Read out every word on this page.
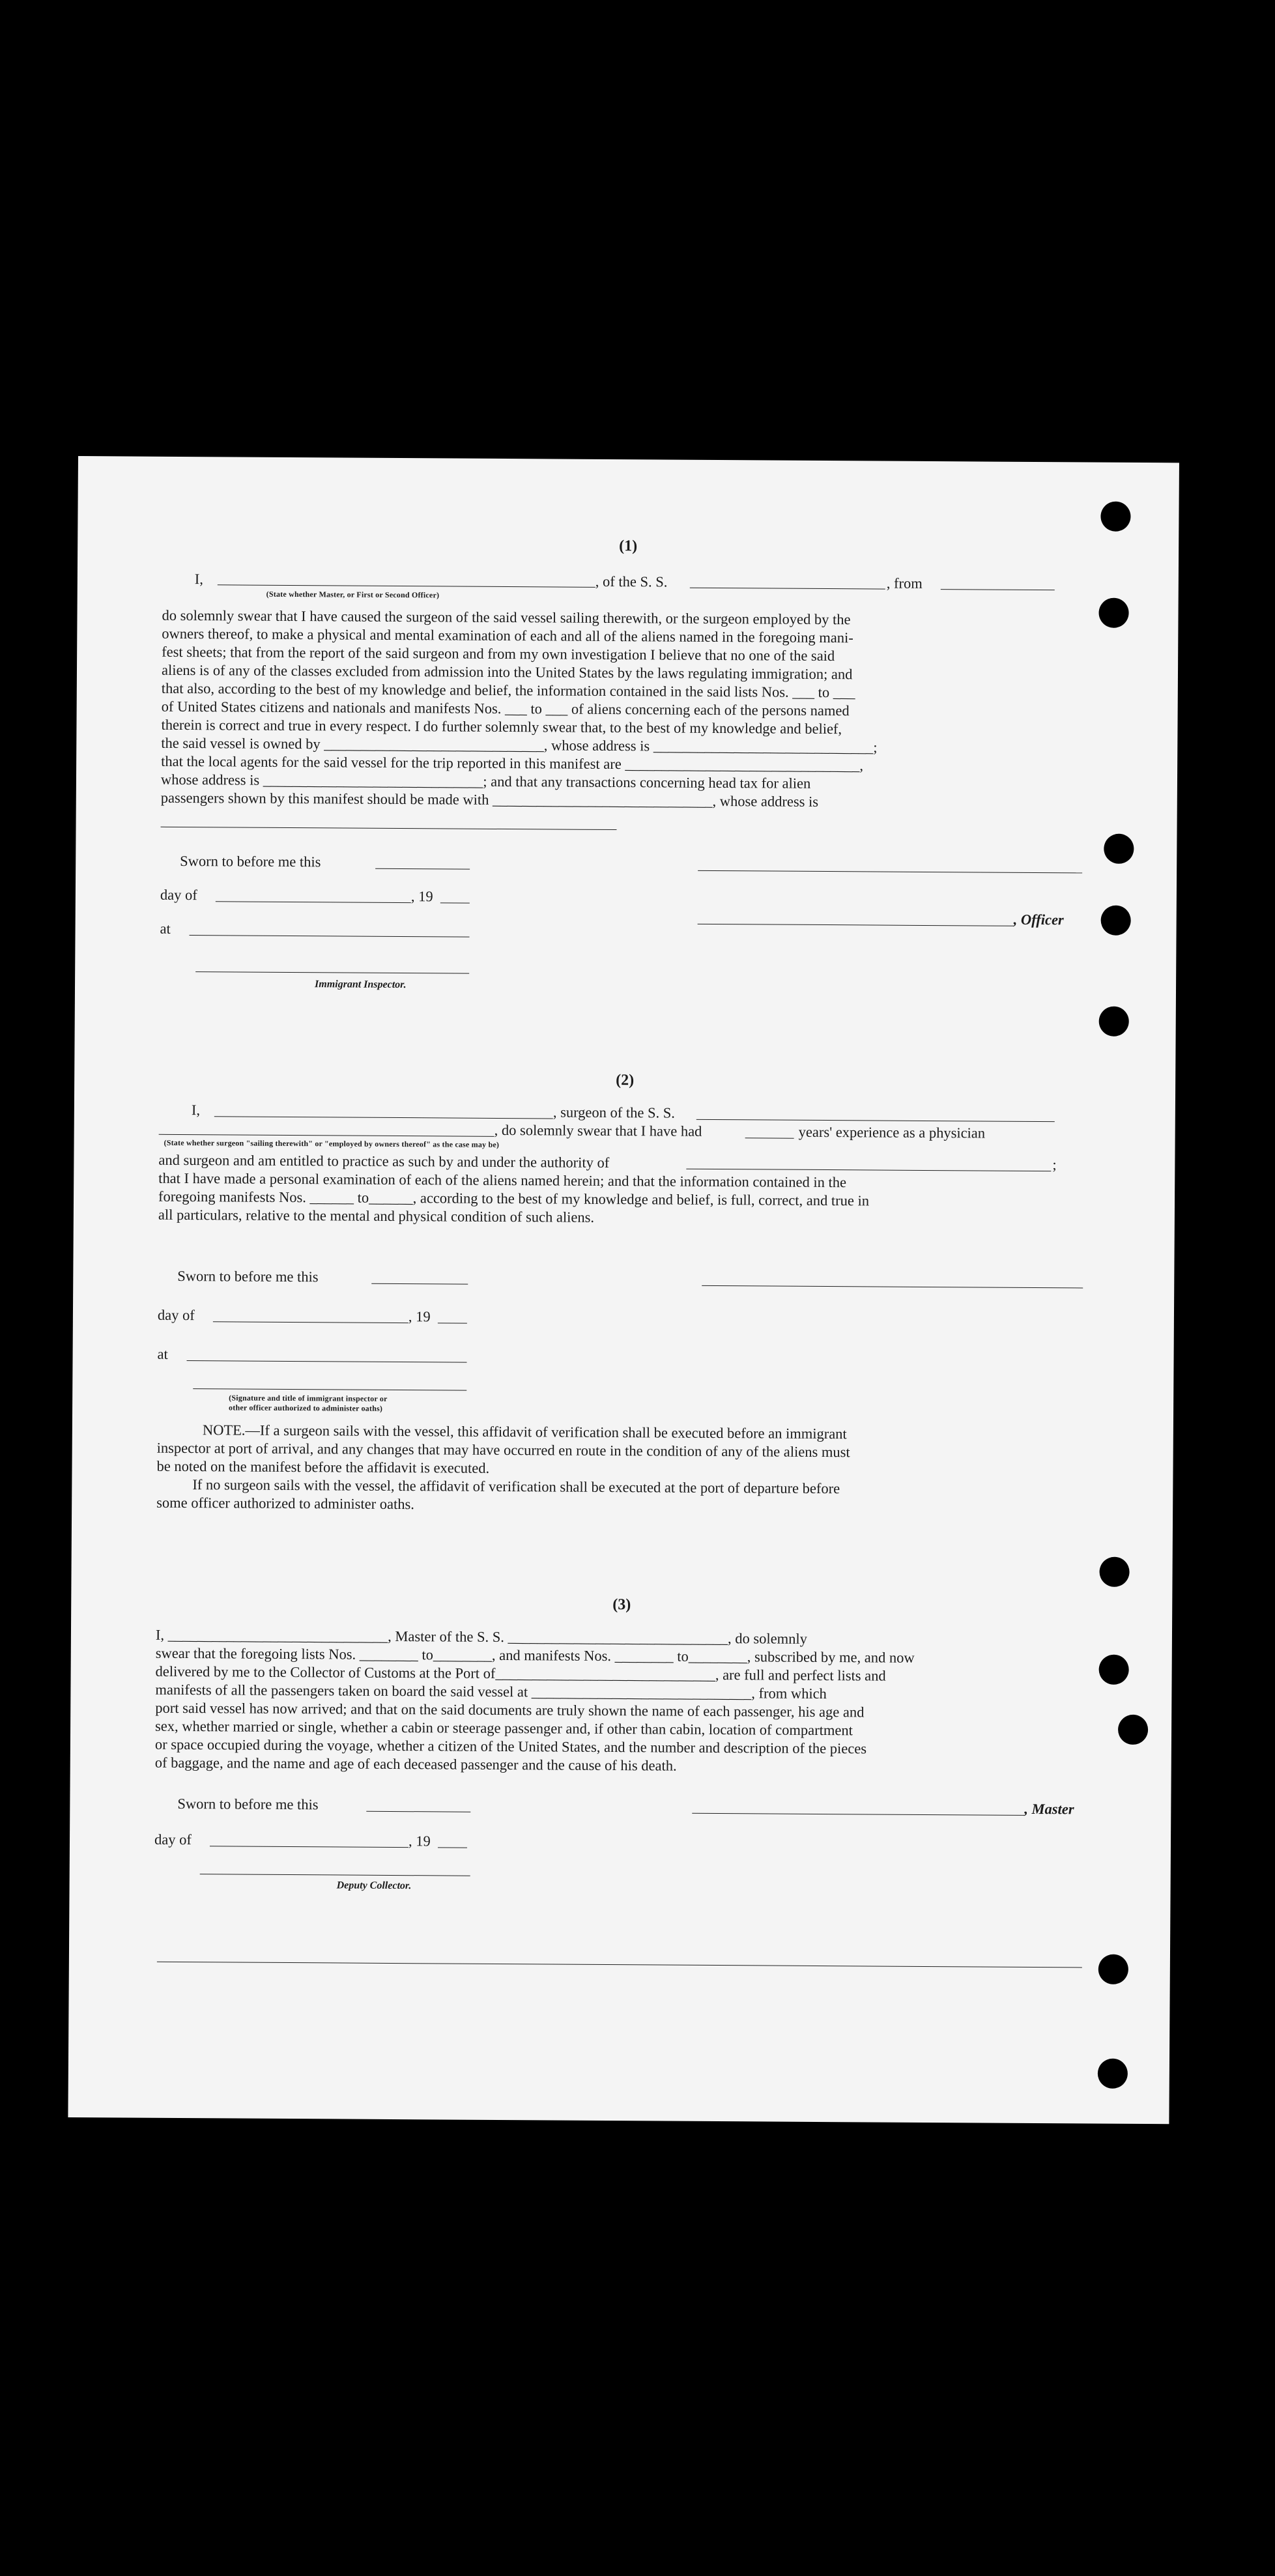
(1)
I,	, of the S. S.	, from
(State whether Master, or First or Second Officer)
do solemnly swear that I have caused the surgeon of the said vessel sailing therewith, or the surgeon employed by the
owners thereof, to make a physical and mental examination of each and all of the aliens named in the foregoing mani-
fest sheets; that from the report of the said surgeon and from my own investigation I believe that no one of the said
aliens is of any of the classes excluded from admission into the United States by the laws regulating immigration; and
that also, according to the best of my knowledge and belief, the information contained in the said lists Nos. ___ to ___
of United States citizens and nationals and manifests Nos. ___ to ___ of aliens concerning each of the persons named
therein is correct and true in every respect. I do further solemnly swear that, to the best of my knowledge and belief,
the said vessel is owned by ______________________________, whose address is ______________________________;
that the local agents for the said vessel for the trip reported in this manifest are ________________________________,
whose address is ______________________________; and that any transactions concerning head tax for alien
passengers shown by this manifest should be made with ______________________________, whose address is
Sworn to before me this
day of	, 19
, Officer
at
Immigrant Inspector.
(2)
I,	, surgeon of the S. S.
, do solemnly swear that I have had	years' experience as a physician
(State whether surgeon "sailing therewith" or "employed by owners thereof" as the case may be)
and surgeon and am entitled to practice as such by and under the authority of	;
that I have made a personal examination of each of the aliens named herein; and that the information contained in the
foregoing manifests Nos. ______ to______, according to the best of my knowledge and belief, is full, correct, and true in
all particulars, relative to the mental and physical condition of such aliens.
Sworn to before me this
day of	, 19
at
(Signature and title of immigrant inspector or
other officer authorized to administer oaths)
NOTE.—If a surgeon sails with the vessel, this affidavit of verification shall be executed before an immigrant
inspector at port of arrival, and any changes that may have occurred en route in the condition of any of the aliens must
be noted on the manifest before the affidavit is executed.
If no surgeon sails with the vessel, the affidavit of verification shall be executed at the port of departure before
some officer authorized to administer oaths.
(3)
I, ______________________________, Master of the S. S. ______________________________, do solemnly
swear that the foregoing lists Nos. ________ to________, and manifests Nos. ________ to________, subscribed by me, and now
delivered by me to the Collector of Customs at the Port of______________________________, are full and perfect lists and
manifests of all the passengers taken on board the said vessel at ______________________________, from which
port said vessel has now arrived; and that on the said documents are truly shown the name of each passenger, his age and
sex, whether married or single, whether a cabin or steerage passenger and, if other than cabin, location of compartment
or space occupied during the voyage, whether a citizen of the United States, and the number and description of the pieces
of baggage, and the name and age of each deceased passenger and the cause of his death.
Sworn to before me this	, Master
day of	, 19
Deputy Collector.
